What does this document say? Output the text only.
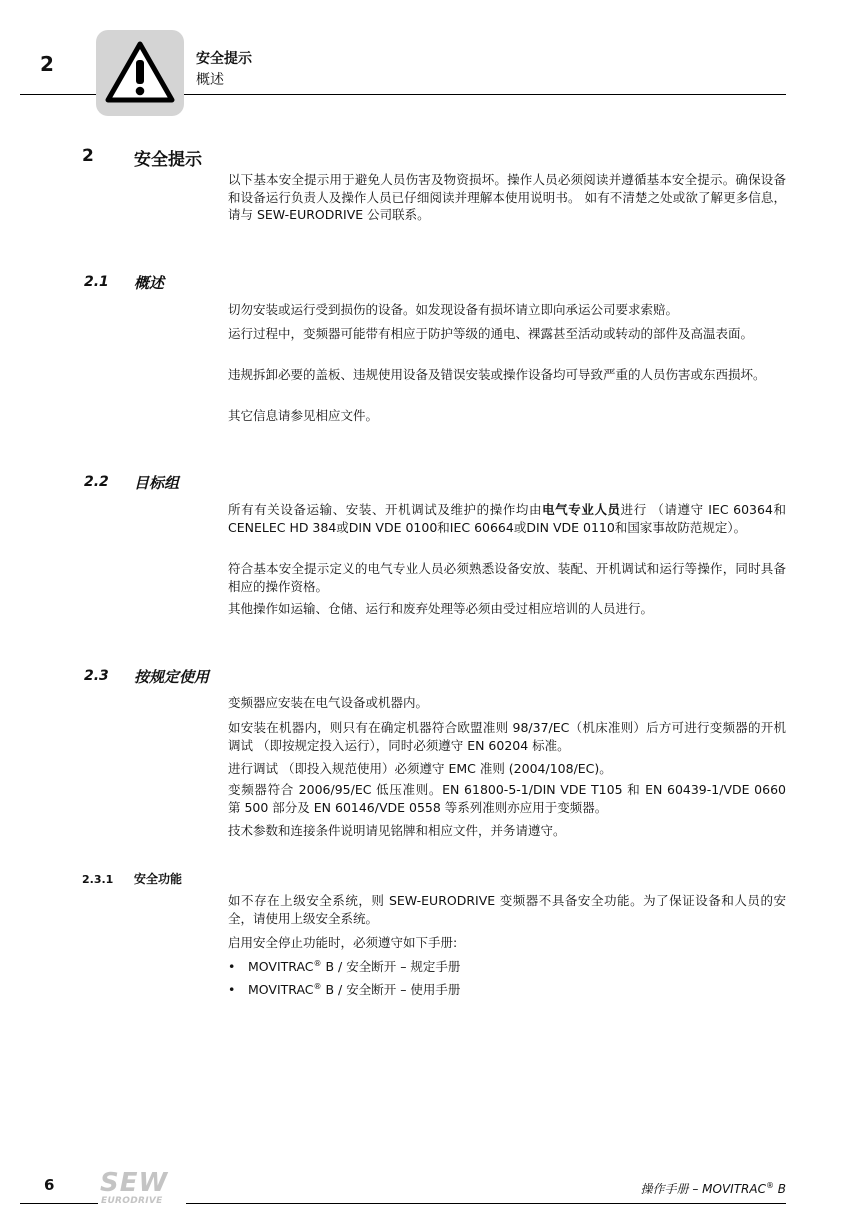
2	安全提示
概述
2 安全提示
以下基本安全提示用于避免人员伤害及物资损坏。操作人员必须阅读并遵循基本安全提示。确保设备和设备运行负责人及操作人员已仔细阅读并理解本使用说明书。 如有不清楚之处或欲了解更多信息，请与 SEW-EURODRIVE 公司联系。
2.1 概述
切勿安装或运行受到损伤的设备。如发现设备有损坏请立即向承运公司要求索赔。
运行过程中，变频器可能带有相应于防护等级的通电、裸露甚至活动或转动的部件及高温表面。
违规拆卸必要的盖板、违规使用设备及错误安装或操作设备均可导致严重的人员伤害或东西损坏。
其它信息请参见相应文件。
2.2 目标组
所有有关设备运输、安装、开机调试及维护的操作均由电气专业人员进行 （请遵守 IEC 60364和CENELEC HD 384或DIN VDE 0100和IEC 60664或DIN VDE 0110和国家事故防范规定）。
符合基本安全提示定义的电气专业人员必须熟悉设备安放、装配、开机调试和运行等操作，同时具备相应的操作资格。
其他操作如运输、仓储、运行和废弃处理等必须由受过相应培训的人员进行。
2.3 按规定使用
变频器应安装在电气设备或机器内。
如安装在机器内，则只有在确定机器符合欧盟准则 98/37/EC（机床准则）后方可进行变频器的开机调试 （即按规定投入运行），同时必须遵守 EN 60204 标准。
进行调试 （即投入规范使用）必须遵守 EMC 准则 (2004/108/EC)。
变频器符合 2006/95/EC 低压准则。EN 61800-5-1/DIN VDE T105 和 EN 60439-1/VDE 0660 第 500 部分及 EN 60146/VDE 0558 等系列准则亦应用于变频器。
技术参数和连接条件说明请见铭牌和相应文件，并务请遵守。
2.3.1 安全功能
如不存在上级安全系统，则 SEW-EURODRIVE 变频器不具备安全功能。为了保证设备和人员的安全，请使用上级安全系统。
启用安全停止功能时，必须遵守如下手册:
• MOVITRAC® B / 安全断开 – 规定手册
• MOVITRAC® B / 安全断开 – 使用手册
6 SEW
EURODRIVE
操作手册 – MOVITRAC® B
